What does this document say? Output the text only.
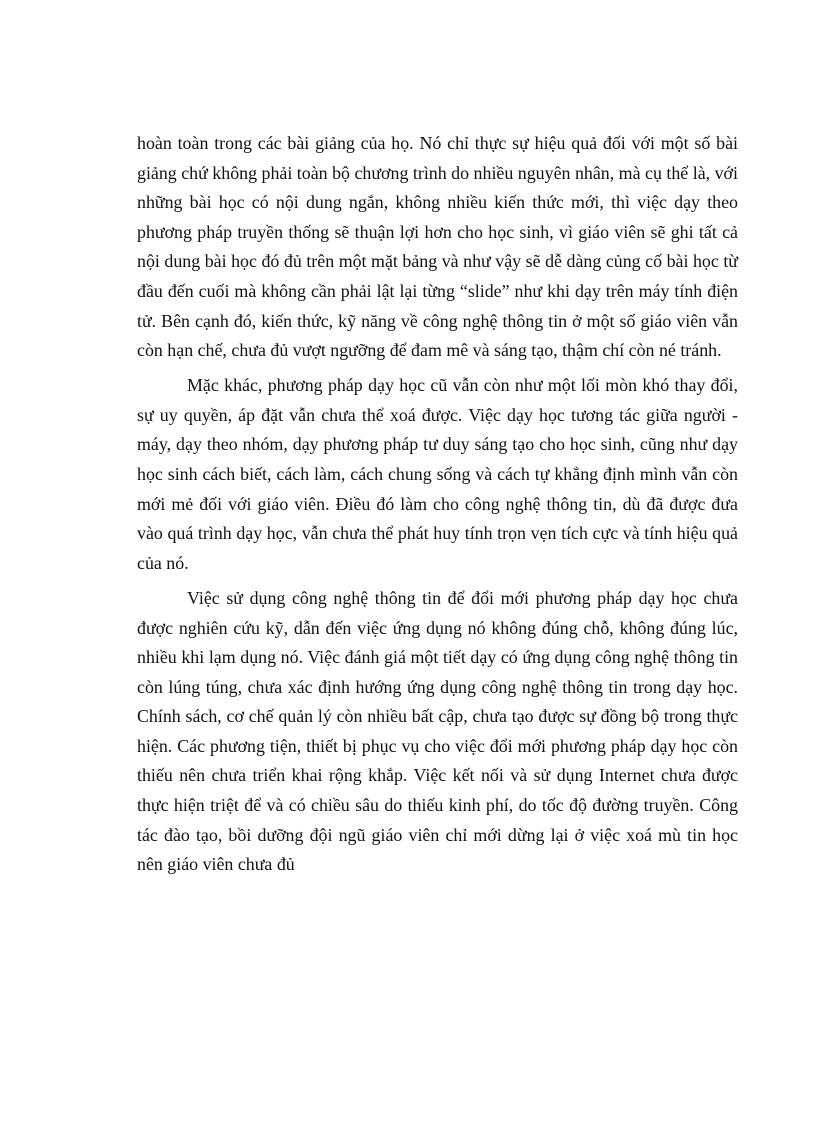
hoàn toàn trong các bài giảng của họ. Nó chỉ thực sự hiệu quả đối với một số bài giảng chứ không phải toàn bộ chương trình do nhiều nguyên nhân, mà cụ thể là, với những bài học có nội dung ngắn, không nhiều kiến thức mới, thì việc dạy theo phương pháp truyền thống sẽ thuận lợi hơn cho học sinh, vì giáo viên sẽ ghi tất cả nội dung bài học đó đủ trên một mặt bảng và như vậy sẽ dễ dàng củng cố bài học từ đầu đến cuối mà không cần phải lật lại từng “slide” như khi dạy trên máy tính điện tử. Bên cạnh đó, kiến thức, kỹ năng về công nghệ thông tin ở một số giáo viên vẫn còn hạn chế, chưa đủ vượt ngưỡng để đam mê và sáng tạo, thậm chí còn né tránh.

Mặc khác, phương pháp dạy học cũ vẫn còn như một lối mòn khó thay đổi, sự uy quyền, áp đặt vẫn chưa thể xoá được. Việc dạy học tương tác giữa người - máy, dạy theo nhóm, dạy phương pháp tư duy sáng tạo cho học sinh, cũng như dạy học sinh cách biết, cách làm, cách chung sống và cách tự khẳng định mình vẫn còn mới mẻ đối với giáo viên. Điều đó làm cho công nghệ thông tin, dù đã được đưa vào quá trình dạy học, vẫn chưa thể phát huy tính trọn vẹn tích cực và tính hiệu quả của nó.

Việc sử dụng công nghệ thông tin để đổi mới phương pháp dạy học chưa được nghiên cứu kỹ, dẫn đến việc ứng dụng nó không đúng chỗ, không đúng lúc, nhiều khi lạm dụng nó. Việc đánh giá một tiết dạy có ứng dụng công nghệ thông tin còn lúng túng, chưa xác định hướng ứng dụng công nghệ thông tin trong dạy học. Chính sách, cơ chế quản lý còn nhiều bất cập, chưa tạo được sự đồng bộ trong thực hiện. Các phương tiện, thiết bị phục vụ cho việc đổi mới phương pháp dạy học còn thiếu nên chưa triển khai rộng khắp. Việc kết nối và sử dụng Internet chưa được thực hiện triệt để và có chiều sâu do thiếu kinh phí, do tốc độ đường truyền. Công tác đào tạo, bồi dưỡng đội ngũ giáo viên chỉ mới dừng lại ở việc xoá mù tin học nên giáo viên chưa đủ
